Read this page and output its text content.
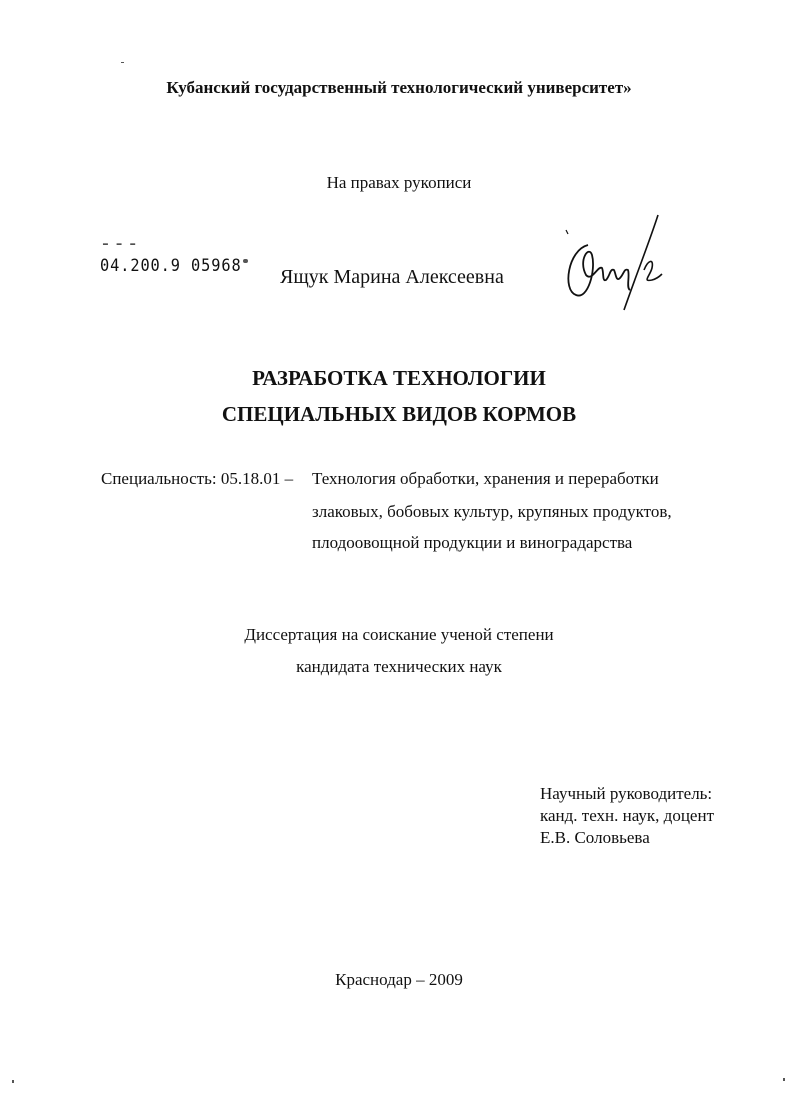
Кубанский государственный технологический университет»
На правах рукописи
▔ ▔ ▔
04.200.9 05968 Ящук Марина Алексеевна
РАЗРАБОТКА ТЕХНОЛОГИИ
СПЕЦИАЛЬНЫХ ВИДОВ КОРМОВ
Специальность: 05.18.01 – Технология обработки, хранения и переработки
злаковых, бобовых культур, крупяных продуктов,
плодоовощной продукции и виноградарства
Диссертация на соискание ученой степени
кандидата технических наук
Научный руководитель:
канд. техн. наук, доцент
Е.В. Соловьева
Краснодар – 2009
